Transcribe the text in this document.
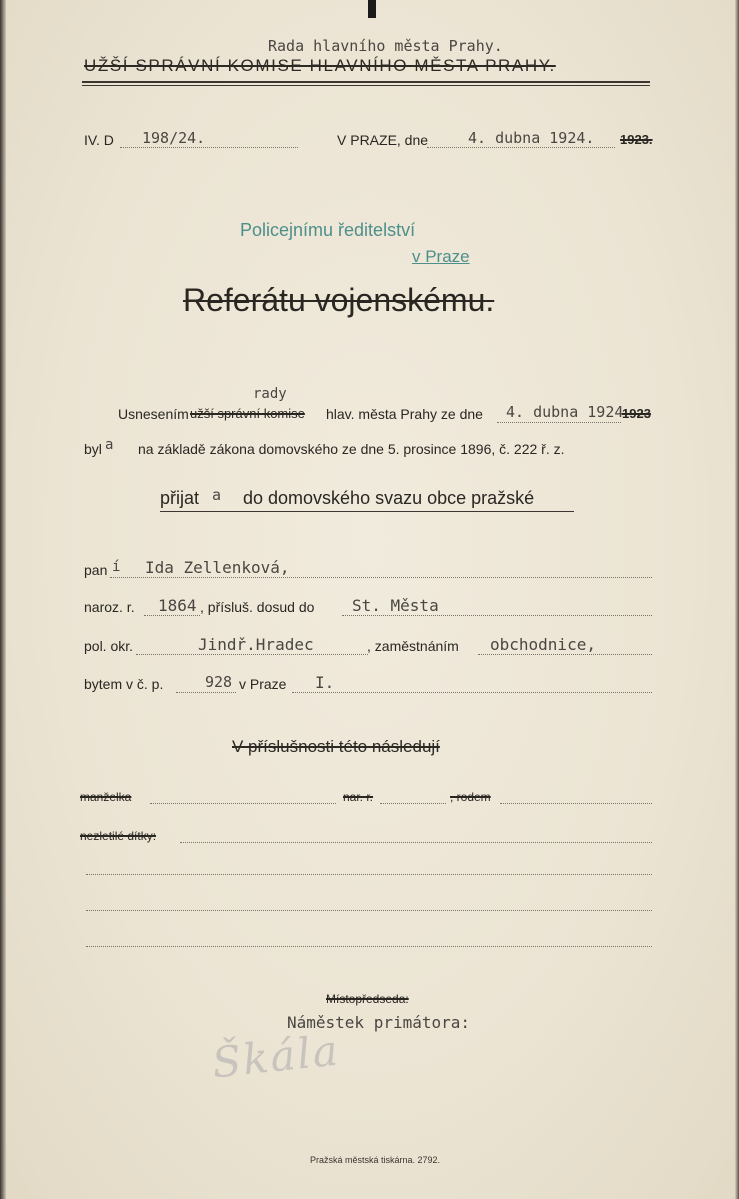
Rada hlavního města Prahy.
UŽŠÍ SPRÁVNÍ KOMISE HLAVNÍHO MĚSTA PRAHY.
IV. D 198/24.	V PRAZE, dne	4. dubna 1924. 1923.
Policejnímu ředitelství
v Praze
Referátu vojenskému.
rady
Usnesením užší správní komise hlav. města Prahy ze dne 4. dubna 1924
1923
byl a na základě zákona domovského ze dne 5. prosince 1896, č. 222 ř. z.
přijat a do domovského svazu obce pražské
pan í Ida Zellenková,
naroz. r. 1864 , přísluš. dosud do St. Města
pol. okr.	Jindř.Hradec	, zaměstnáním obchodnice,
bytem v č. p.	928 v Praze I.
V příslušnosti této následují
manželka	nar. r.	, rodem
nezletilé dítky:
Místopředseda:
Náměstek primátora:
Škála
Pražská městská tiskárna. 2792.
